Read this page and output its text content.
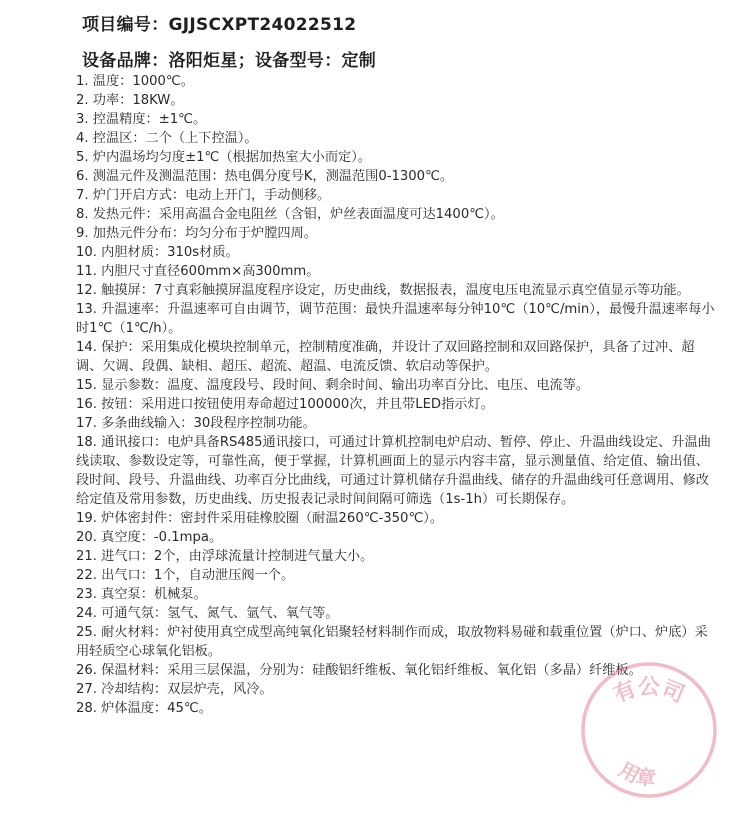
项目编号：GJJSCXPT24022512
设备品牌：洛阳炬星；设备型号：定制
1. 温度：1000℃。
2. 功率：18KW。
3. 控温精度：±1℃。
4. 控温区：二个（上下控温）。
5. 炉内温场均匀度±1℃（根据加热室大小而定）。
6. 测温元件及测温范围：热电偶分度号K，测温范围0-1300℃。
7. 炉门开启方式：电动上开门，手动侧移。
8. 发热元件：采用高温合金电阻丝（含钼，炉丝表面温度可达1400℃）。
9. 加热元件分布：均匀分布于炉膛四周。
10. 内胆材质：310s材质。
11. 内胆尺寸直径600mm×高300mm。
12. 触摸屏：7寸真彩触摸屏温度程序设定，历史曲线，数据报表，温度电压电流显示真空值显示等功能。
13. 升温速率：升温速率可自由调节，调节范围：最快升温速率每分钟10℃（10℃/min），最慢升温速率每小时1℃（1℃/h）。
14. 保护：采用集成化模块控制单元，控制精度准确，并设计了双回路控制和双回路保护，具备了过冲、超调、欠调、段偶、缺相、超压、超流、超温、电流反馈、软启动等保护。
15. 显示参数：温度、温度段号、段时间、剩余时间、输出功率百分比、电压、电流等。
16. 按钮：采用进口按钮使用寿命超过100000次，并且带LED指示灯。
17. 多条曲线输入：30段程序控制功能。
18. 通讯接口：电炉具备RS485通讯接口，可通过计算机控制电炉启动、暂停、停止、升温曲线设定、升温曲线读取、参数设定等，可靠性高，便于掌握，计算机画面上的显示内容丰富，显示测量值、给定值、输出值、段时间、段号、升温曲线、功率百分比曲线，可通过计算机储存升温曲线、储存的升温曲线可任意调用、修改给定值及常用参数，历史曲线、历史报表记录时间间隔可筛选（1s-1h）可长期保存。
19. 炉体密封件：密封件采用硅橡胶圈（耐温260℃-350℃）。
20. 真空度：-0.1mpa。
21. 进气口：2个，由浮球流量计控制进气量大小。
22. 出气口：1个，自动泄压阀一个。
23. 真空泵：机械泵。
24. 可通气氛：氢气、氮气、氩气、氧气等。
25. 耐火材料：炉衬使用真空成型高纯氧化铝聚轻材料制作而成，取放物料易碰和载重位置（炉口、炉底）采用轻质空心球氧化铝板。
26. 保温材料：采用三层保温，分别为：硅酸铝纤维板、氧化铝纤维板、氧化铝（多晶）纤维板。
27. 冷却结构：双层炉壳，风冷。
28. 炉体温度：45℃。
有公司
用章
